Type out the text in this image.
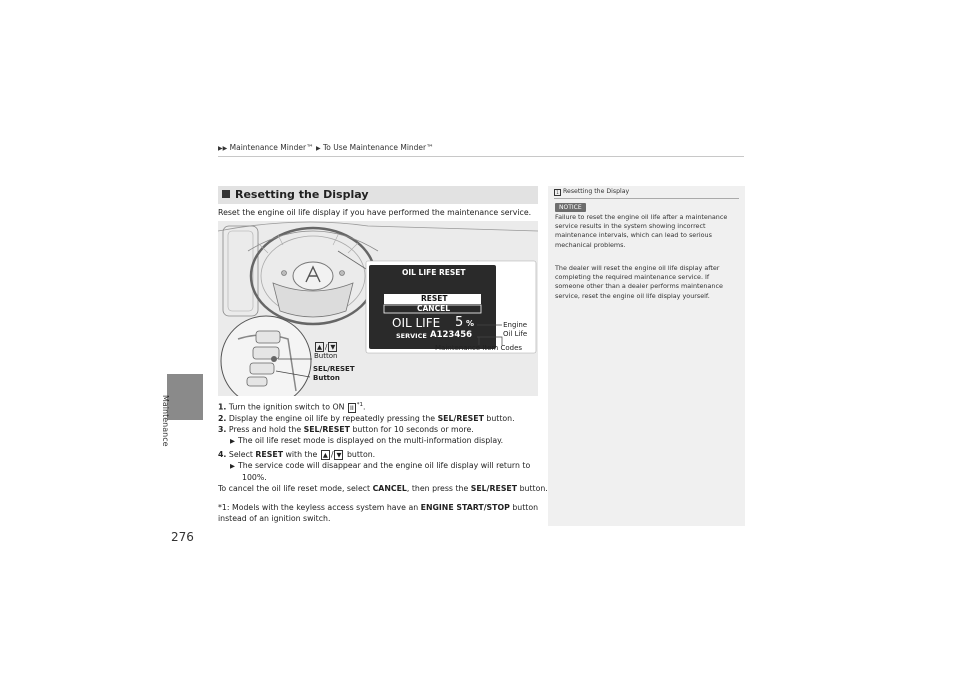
Maintenance
276
▶▶ Maintenance Minder™ ▶ To Use Maintenance Minder™
Resetting the Display
Reset the engine oil life display if you have performed the maintenance service.
OIL LIFE RESET
RESET
CANCEL
OIL LIFE 5 %
SERVICE A123456
Engine
Oil Life
Maintenance Item Codes
▲ / ▼
Button
SEL/RESET
Button
1. Turn the ignition switch to ON II $^{*1}$.
2. Display the engine oil life by repeatedly pressing the SEL/RESET button.
3. Press and hold the SEL/RESET button for 10 seconds or more.
▶ The oil life reset mode is displayed on the multi-information display.
4. Select RESET with the ▲ / ▼ button.
▶ The service code will disappear and the engine oil life display will return to
100%.
To cancel the oil life reset mode, select CANCEL, then press the SEL/RESET button.
*1: Models with the keyless access system have an ENGINE START/STOP button
instead of an ignition switch.
1 Resetting the Display
NOTICE
Failure to reset the engine oil life after a maintenance
service results in the system showing incorrect
maintenance intervals, which can lead to serious
mechanical problems.
The dealer will reset the engine oil life display after
completing the required maintenance service. If
someone other than a dealer performs maintenance
service, reset the engine oil life display yourself.
